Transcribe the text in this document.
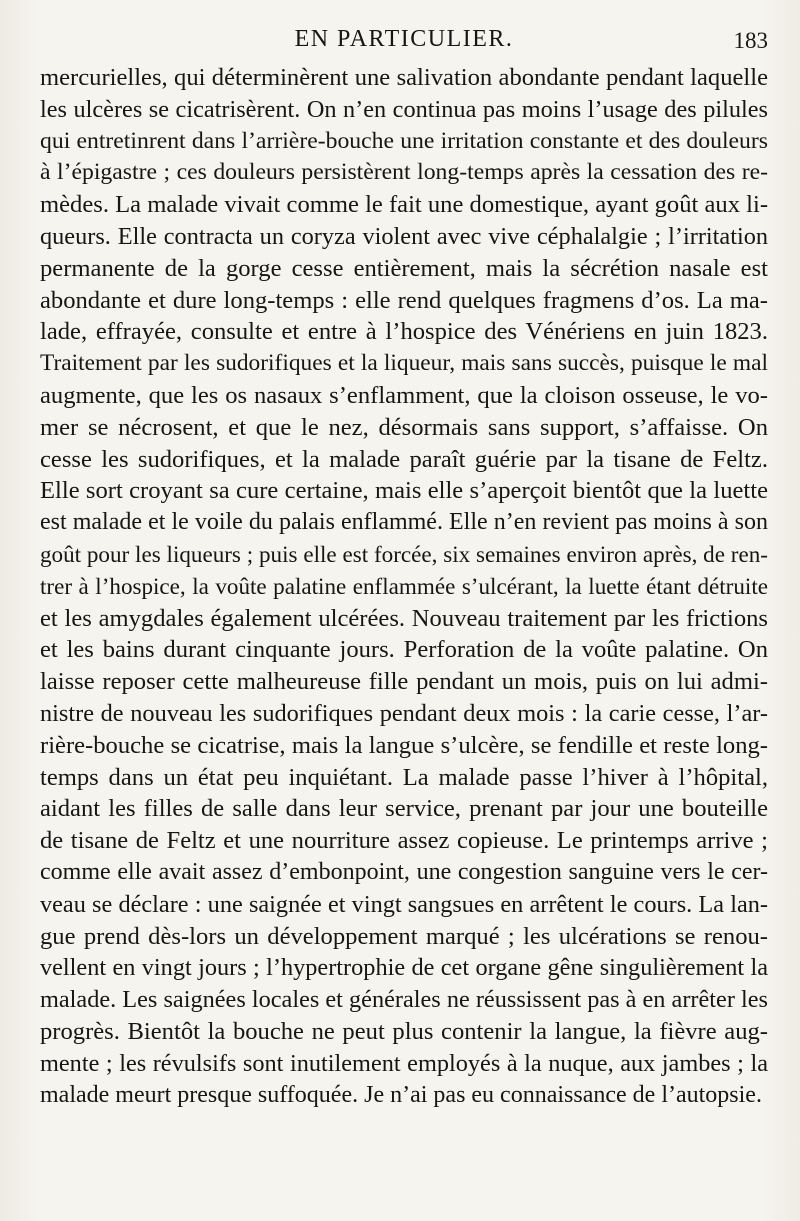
EN PARTICULIER.	183
mercurielles, qui déterminèrent une salivation abondante pendant laquelle
les ulcères se cicatrisèrent. On n’en continua pas moins l’usage des pilules
qui entretinrent dans l’arrière-bouche une irritation constante et des douleurs
à l’épigastre ; ces douleurs persistèrent long-temps après la cessation des re-
mèdes. La malade vivait comme le fait une domestique, ayant goût aux li-
queurs. Elle contracta un coryza violent avec vive céphalalgie ; l’irritation
permanente de la gorge cesse entièrement, mais la sécrétion nasale est
abondante et dure long-temps : elle rend quelques fragmens d’os. La ma-
lade, effrayée, consulte et entre à l’hospice des Vénériens en juin 1823.
Traitement par les sudorifiques et la liqueur, mais sans succès, puisque le mal
augmente, que les os nasaux s’enflamment, que la cloison osseuse, le vo-
mer se nécrosent, et que le nez, désormais sans support, s’affaisse. On
cesse les sudorifiques, et la malade paraît guérie par la tisane de Feltz.
Elle sort croyant sa cure certaine, mais elle s’aperçoit bientôt que la luette
est malade et le voile du palais enflammé. Elle n’en revient pas moins à son
goût pour les liqueurs ; puis elle est forcée, six semaines environ après, de ren-
trer à l’hospice, la voûte palatine enflammée s’ulcérant, la luette étant détruite
et les amygdales également ulcérées. Nouveau traitement par les frictions
et les bains durant cinquante jours. Perforation de la voûte palatine. On
laisse reposer cette malheureuse fille pendant un mois, puis on lui admi-
nistre de nouveau les sudorifiques pendant deux mois : la carie cesse, l’ar-
rière-bouche se cicatrise, mais la langue s’ulcère, se fendille et reste long-
temps dans un état peu inquiétant. La malade passe l’hiver à l’hôpital,
aidant les filles de salle dans leur service, prenant par jour une bouteille
de tisane de Feltz et une nourriture assez copieuse. Le printemps arrive ;
comme elle avait assez d’embonpoint, une congestion sanguine vers le cer-
veau se déclare : une saignée et vingt sangsues en arrêtent le cours. La lan-
gue prend dès-lors un développement marqué ; les ulcérations se renou-
vellent en vingt jours ; l’hypertrophie de cet organe gêne singulièrement la
malade. Les saignées locales et générales ne réussissent pas à en arrêter les
progrès. Bientôt la bouche ne peut plus contenir la langue, la fièvre aug-
mente ; les révulsifs sont inutilement employés à la nuque, aux jambes ; la
malade meurt presque suffoquée. Je n’ai pas eu connaissance de l’autopsie.
